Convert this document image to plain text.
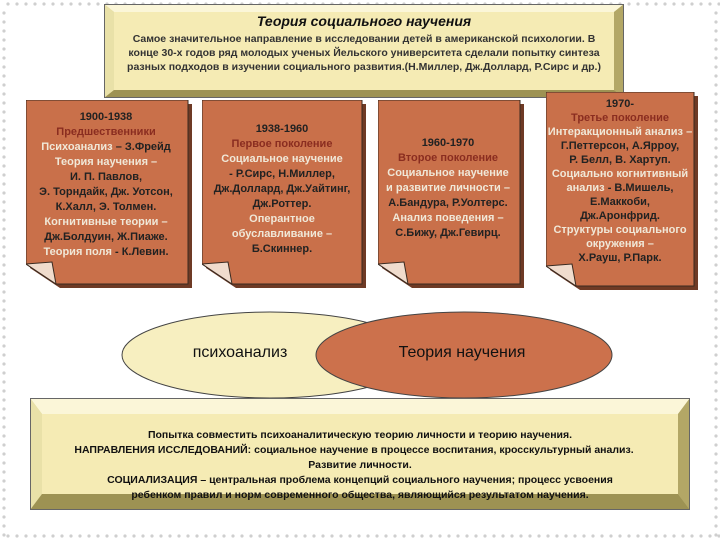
Теория социального научения
Самое значительное направление в исследовании детей в американской психологии. В конце 30-х годов ряд молодых ученых Йельского университета сделали попытку синтеза разных подходов в изучении социального развития.(Н.Миллер, Дж.Доллард, Р.Сирс и др.)
1900-1938
Предшественники
Психоанализ – З.Фрейд
Теория научения –
И. П. Павлов,
Э. Торндайк, Дж. Уотсон,
К.Халл, Э. Толмен.
Когнитивные теории –
Дж.Болдуин, Ж.Пиаже.
Теория поля - К.Левин.
1938-1960
Первое поколение
Социальное научение
- Р.Сирс, Н.Миллер,
Дж.Доллард, Дж.Уайтинг,
Дж.Роттер.
Оперантное
обуславливание –
Б.Скиннер.
1960-1970
Второе поколение
Социальное научение
и развитие личности –
А.Бандура, Р.Уолтерс.
Анализ поведения –
С.Бижу, Дж.Гевирц.
1970-
Третье поколение
Интеракционный анализ –
Г.Петтерсон, А.Ярроу,
Р. Белл, В. Хартуп.
Социально когнитивный
анализ - В.Мишель,
Е.Маккоби,
Дж.Аронфрид.
Структуры социального
окружения –
Х.Рауш, Р.Парк.
психоанализ	Теория научения
Попытка совместить психоаналитическую теорию личности и теорию научения.
НАПРАВЛЕНИЯ ИССЛЕДОВАНИЙ: социальное научение в процессе воспитания, кросскультурный анализ.
Развитие личности.
СОЦИАЛИЗАЦИЯ – центральная проблема концепций социального научения; процесс усвоения
ребенком правил и норм современного общества, являющийся результатом научения.
